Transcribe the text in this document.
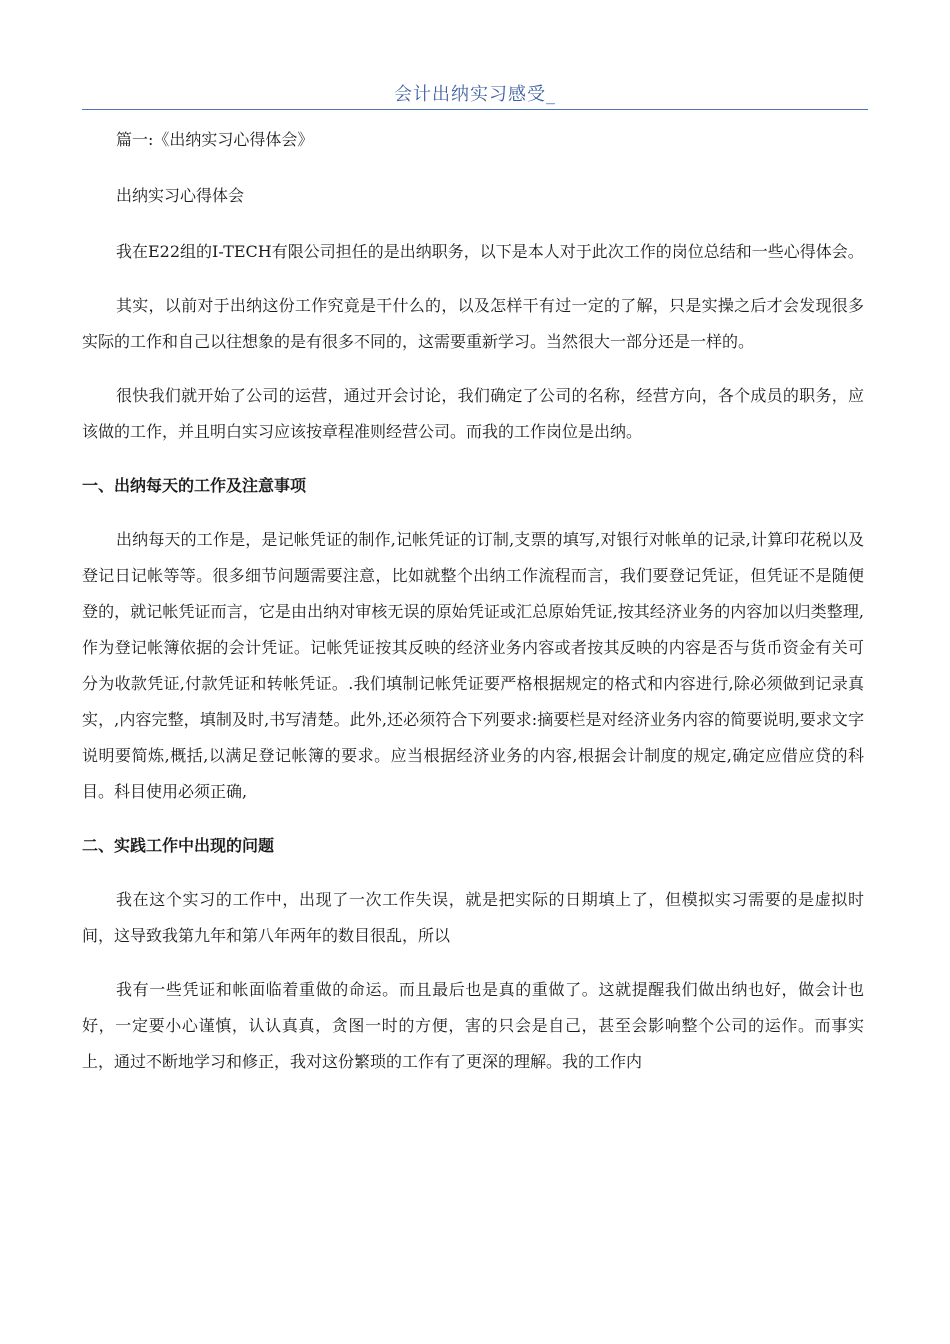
会计出纳实习感受_

篇一:《出纳实习心得体会》

出纳实习心得体会

我在E22组的I-TECH有限公司担任的是出纳职务，以下是本人对于此次工作的岗位总结和一些心得体会。

其实，以前对于出纳这份工作究竟是干什么的，以及怎样干有过一定的了解，只是实操之后才会发现很多实际的工作和自己以往想象的是有很多不同的，这需要重新学习。当然很大一部分还是一样的。

很快我们就开始了公司的运营，通过开会讨论，我们确定了公司的名称，经营方向，各个成员的职务，应该做的工作，并且明白实习应该按章程准则经营公司。而我的工作岗位是出纳。

一、出纳每天的工作及注意事项

出纳每天的工作是，是记帐凭证的制作,记帐凭证的订制,支票的填写,对银行对帐单的记录,计算印花税以及登记日记帐等等。很多细节问题需要注意，比如就整个出纳工作流程而言，我们要登记凭证，但凭证不是随便登的，就记帐凭证而言，它是由出纳对审核无误的原始凭证或汇总原始凭证,按其经济业务的内容加以归类整理,作为登记帐簿依据的会计凭证。记帐凭证按其反映的经济业务内容或者按其反映的内容是否与货币资金有关可分为收款凭证,付款凭证和转帐凭证。.我们填制记帐凭证要严格根据规定的格式和内容进行,除必须做到记录真实，,内容完整，填制及时,书写清楚。此外,还必须符合下列要求:摘要栏是对经济业务内容的简要说明,要求文字说明要简炼,概括,以满足登记帐簿的要求。应当根据经济业务的内容,根据会计制度的规定,确定应借应贷的科目。科目使用必须正确,

二、实践工作中出现的问题

我在这个实习的工作中，出现了一次工作失误，就是把实际的日期填上了，但模拟实习需要的是虚拟时间，这导致我第九年和第八年两年的数目很乱，所以

我有一些凭证和帐面临着重做的命运。而且最后也是真的重做了。这就提醒我们做出纳也好，做会计也好，一定要小心谨慎，认认真真，贪图一时的方便，害的只会是自己，甚至会影响整个公司的运作。而事实上，通过不断地学习和修正，我对这份繁琐的工作有了更深的理解。我的工作内
